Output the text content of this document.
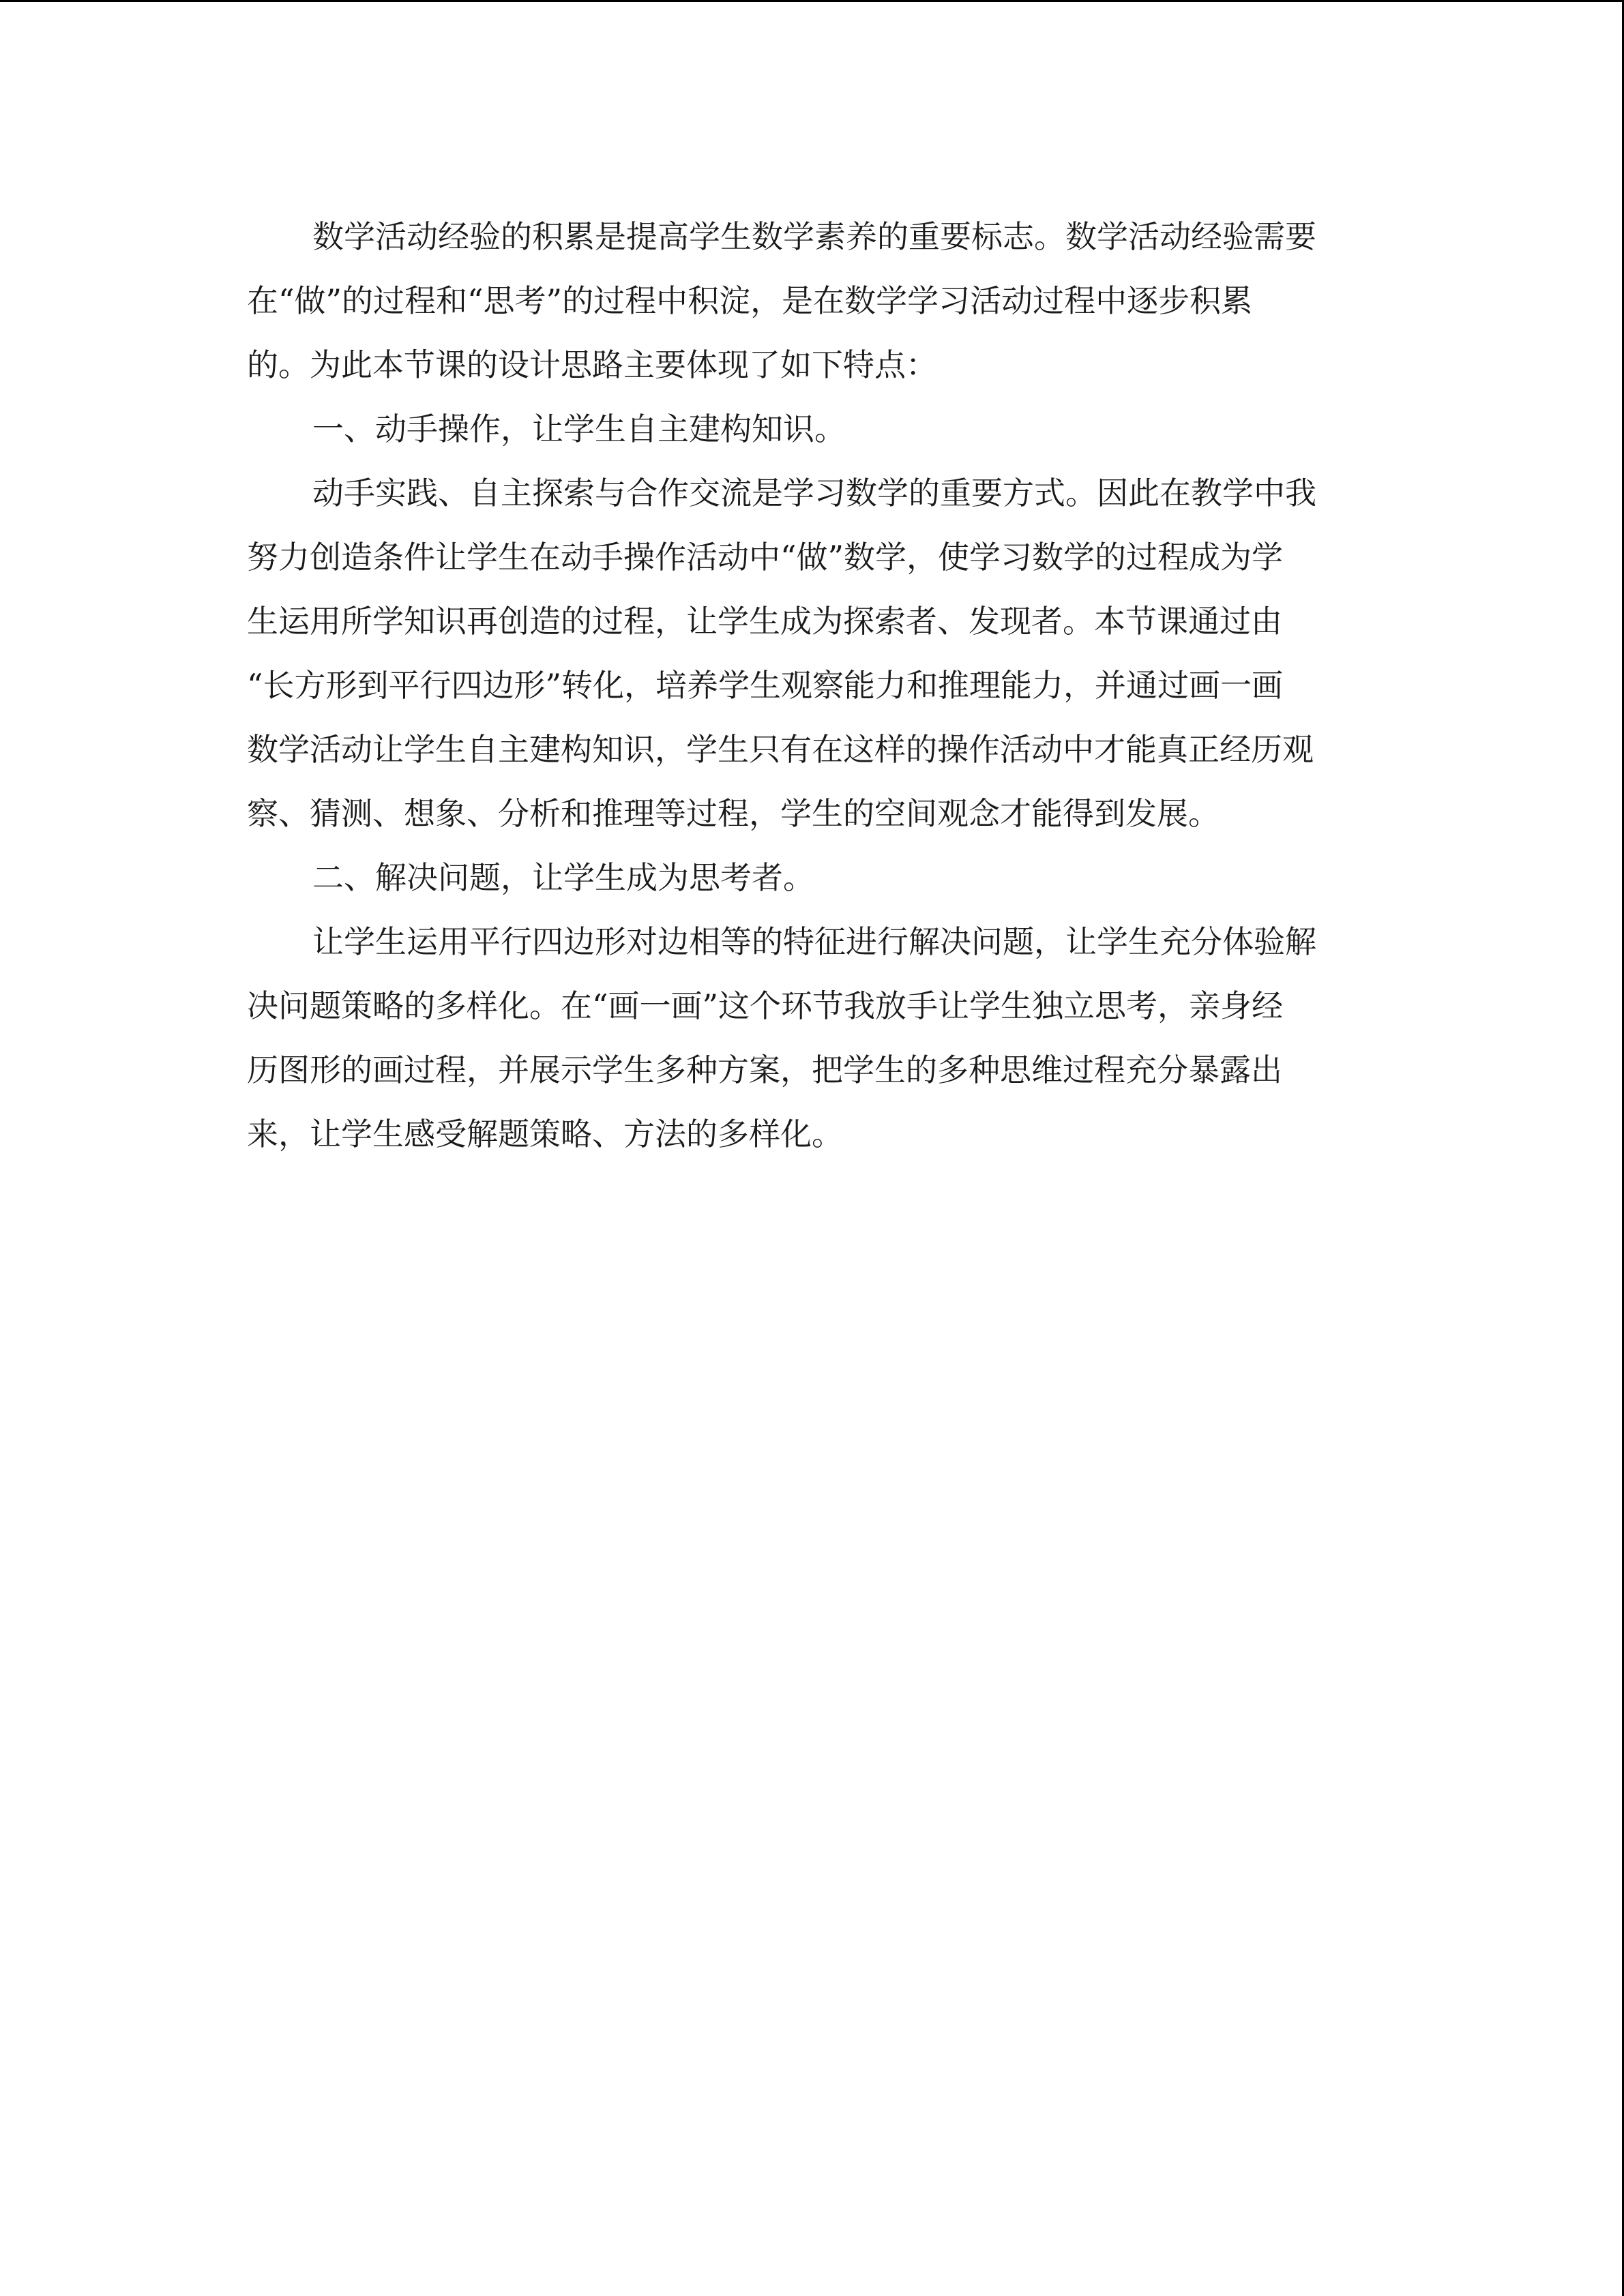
数学活动经验的积累是提高学生数学素养的重要标志。数学活动经验需要
在“做”的过程和“思考”的过程中积淀，是在数学学习活动过程中逐步积累
的。为此本节课的设计思路主要体现了如下特点：
一、动手操作，让学生自主建构知识。
动手实践、自主探索与合作交流是学习数学的重要方式。因此在教学中我
努力创造条件让学生在动手操作活动中“做”数学，使学习数学的过程成为学
生运用所学知识再创造的过程，让学生成为探索者、发现者。本节课通过由
“长方形到平行四边形”转化，培养学生观察能力和推理能力，并通过画一画
数学活动让学生自主建构知识，学生只有在这样的操作活动中才能真正经历观
察、猜测、想象、分析和推理等过程，学生的空间观念才能得到发展。
二、解决问题，让学生成为思考者。
让学生运用平行四边形对边相等的特征进行解决问题，让学生充分体验解
决问题策略的多样化。在“画一画”这个环节我放手让学生独立思考，亲身经
历图形的画过程，并展示学生多种方案，把学生的多种思维过程充分暴露出
来，让学生感受解题策略、方法的多样化。
